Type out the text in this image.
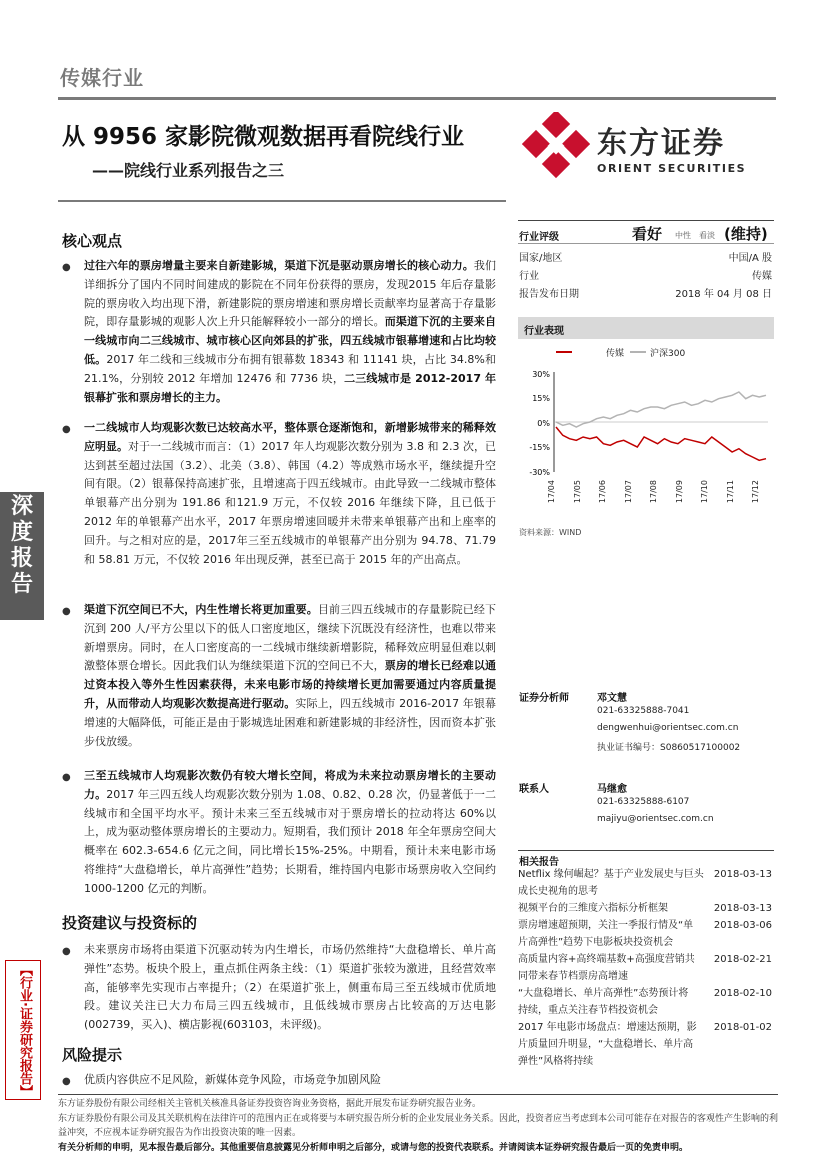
传媒行业
从 9956 家影院微观数据再看院线行业
——院线行业系列报告之三
东方证券
ORIENT SECURITIES
深
度
报
告
【行业·证券研究报告】
核心观点
● 过往六年的票房增量主要来自新建影城，渠道下沉是驱动票房增长的核心动力。我们详细拆分了国内不同时间建成的影院在不同年份获得的票房，发现2015 年后存量影院的票房收入均出现下滑，新建影院的票房增速和票房增长贡献率均显著高于存量影院，即存量影城的观影人次上升只能解释较小一部分的增长。而渠道下沉的主要来自一线城市向二三线城市、城市核心区向郊县的扩张，四五线城市银幕增速和占比均较低。2017 年二线和三线城市分布拥有银幕数 18343 和 11141 块，占比 34.8%和 21.1%，分别较 2012 年增加 12476 和 7736 块，二三线城市是 2012-2017 年银幕扩张和票房增长的主力。
● 一二线城市人均观影次数已达较高水平，整体票仓逐渐饱和，新增影城带来的稀释效应明显。对于一二线城市而言：（1）2017 年人均观影次数分别为 3.8 和 2.3 次，已达到甚至超过法国（3.2）、北美（3.8）、韩国（4.2）等成熟市场水平，继续提升空间有限。（2）银幕保持高速扩张，且增速高于四五线城市。由此导致一二线城市整体单银幕产出分别为 191.86 和121.9 万元，不仅较 2016 年继续下降，且已低于 2012 年的单银幕产出水平，2017 年票房增速回暖并未带来单银幕产出和上座率的回升。与之相对应的是，2017年三至五线城市的单银幕产出分别为 94.78、71.79 和 58.81 万元，不仅较 2016 年出现反弹，甚至已高于 2015 年的产出高点。
● 渠道下沉空间已不大，内生性增长将更加重要。目前三四五线城市的存量影院已经下沉到 200 人/平方公里以下的低人口密度地区，继续下沉既没有经济性，也难以带来新增票房。同时，在人口密度高的一二线城市继续新增影院，稀释效应明显但难以刺激整体票仓增长。因此我们认为继续渠道下沉的空间已不大，票房的增长已经难以通过资本投入等外生性因素获得，未来电影市场的持续增长更加需要通过内容质量提升，从而带动人均观影次数提高进行驱动。实际上，四五线城市 2016-2017 年银幕增速的大幅降低，可能正是由于影城选址困难和新建影城的非经济性，因而资本扩张步伐放缓。
● 三至五线城市人均观影次数仍有较大增长空间，将成为未来拉动票房增长的主要动力。2017 年三四五线人均观影次数分别为 1.08、0.82、0.28 次，仍显著低于一二线城市和全国平均水平。预计未来三至五线城市对于票房增长的拉动将达 60%以上，成为驱动整体票房增长的主要动力。短期看，我们预计 2018 年全年票房空间大概率在 602.3-654.6 亿元之间，同比增长15%-25%。中期看，预计未来电影市场将维持“大盘稳增长，单片高弹性”趋势；长期看，维持国内电影市场票房收入空间约 1000-1200 亿元的判断。
投资建议与投资标的
● 未来票房市场将由渠道下沉驱动转为内生增长，市场仍然维持“大盘稳增长、单片高弹性”态势。板块个股上，重点抓住两条主线：（1）渠道扩张较为激进，且经营效率高，能够率先实现市占率提升；（2）在渠道扩张上，侧重布局三至五线城市优质地段。建议关注已大力布局三四五线城市，且低线城市票房占比较高的万达电影(002739，买入)、横店影视(603103，未评级)。
风险提示
● 优质内容供应不足风险，新媒体竞争风险，市场竞争加剧风险
行业评级	看好 中性 看淡 (维持)
国家/地区	中国/A 股
行业	传媒
报告发布日期	2018 年 04 月 08 日
行业表现
传媒	沪深300
30%
15%
0%
-15%
-30%
17/04 17/05 17/06 17/07 17/08 17/09 17/10 17/11 17/12
资料来源：WIND
证券分析师	邓文慧
021-63325888-7041
dengwenhui@orientsec.com.cn
执业证书编号：S0860517100002
联系人	马继愈
021-63325888-6107
majiyu@orientsec.com.cn
相关报告
Netflix 缘何崛起？基于产业发展史与巨头
成长史视角的思考
2018-03-13
视频平台的三维度六指标分析框架	2018-03-13
票房增速超预期，关注一季报行情及“单
片高弹性”趋势下电影板块投资机会
2018-03-06
高质量内容+高终端基数+高强度营销共
同带来春节档票房高增速
2018-02-21
“大盘稳增长、单片高弹性”态势预计将
持续，重点关注春节档投资机会
2018-02-10
2017 年电影市场盘点：增速达预期，影
片质量回升明显，“大盘稳增长、单片高
弹性”风格将持续
2018-01-02
东方证券股份有限公司经相关主管机关核准具备证券投资咨询业务资格，据此开展发布证券研究报告业务。
东方证券股份有限公司及其关联机构在法律许可的范围内正在或将要与本研究报告所分析的企业发展业务关系。因此，投资者应当考虑到本公司可能存在对报告的客观性产生影响的利益冲突，不应视本证券研究报告为作出投资决策的唯一因素。
有关分析师的申明，见本报告最后部分。其他重要信息披露见分析师申明之后部分，或请与您的投资代表联系。并请阅读本证券研究报告最后一页的免责申明。
